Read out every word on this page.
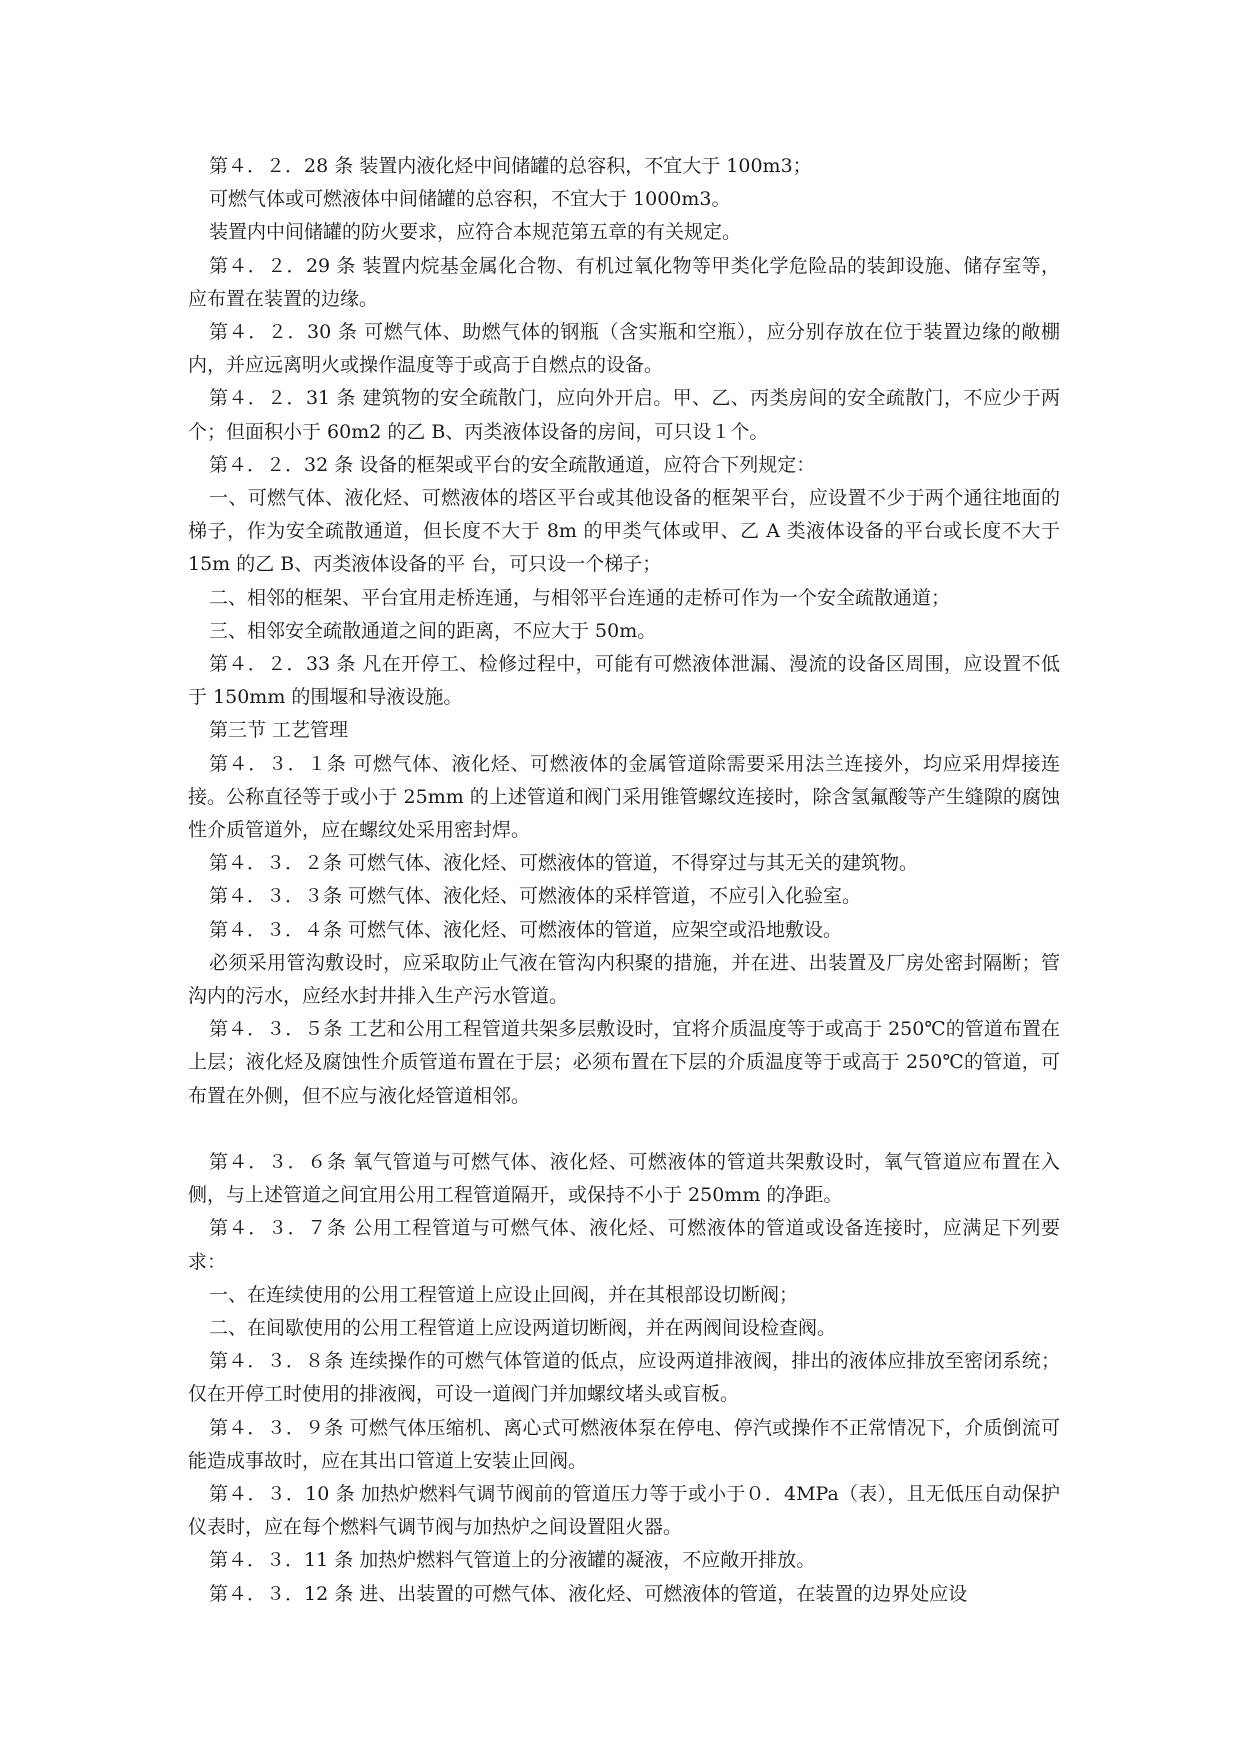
第４．２．28 条 装置内液化烃中间储罐的总容积，不宜大于 100m3；

可燃气体或可燃液体中间储罐的总容积，不宜大于 1000m3。

装置内中间储罐的防火要求，应符合本规范第五章的有关规定。

第４．２．29 条 装置内烷基金属化合物、有机过氧化物等甲类化学危险品的装卸设施、储存室等，应布置在装置的边缘。

第４．２．30 条 可燃气体、助燃气体的钢瓶（含实瓶和空瓶），应分别存放在位于装置边缘的敞棚内，并应远离明火或操作温度等于或高于自燃点的设备。

第４．２．31 条 建筑物的安全疏散门，应向外开启。甲、乙、丙类房间的安全疏散门，不应少于两个；但面积小于 60m2 的乙 B、丙类液体设备的房间，可只设１个。

第４．２．32 条 设备的框架或平台的安全疏散通道，应符合下列规定：

一、可燃气体、液化烃、可燃液体的塔区平台或其他设备的框架平台，应设置不少于两个通往地面的梯子，作为安全疏散通道，但长度不大于 8m 的甲类气体或甲、乙 A 类液体设备的平台或长度不大于 15m 的乙 B、丙类液体设备的平 台，可只设一个梯子；

二、相邻的框架、平台宜用走桥连通，与相邻平台连通的走桥可作为一个安全疏散通道；

三、相邻安全疏散通道之间的距离，不应大于 50m。

第４．２．33 条 凡在开停工、检修过程中，可能有可燃液体泄漏、漫流的设备区周围，应设置不低于 150mm 的围堰和导液设施。

第三节 工艺管理

第４．３．１条 可燃气体、液化烃、可燃液体的金属管道除需要采用法兰连接外，均应采用焊接连 接。公称直径等于或小于 25mm 的上述管道和阀门采用锥管螺纹连接时，除含氢氟酸等产生缝隙的腐蚀性介质管道外，应在螺纹处采用密封焊。

第４．３．２条 可燃气体、液化烃、可燃液体的管道，不得穿过与其无关的建筑物。

第４．３．３条 可燃气体、液化烃、可燃液体的采样管道，不应引入化验室。

第４．３．４条 可燃气体、液化烃、可燃液体的管道，应架空或沿地敷设。

必须采用管沟敷设时，应采取防止气液在管沟内积聚的措施，并在进、出装置及厂房处密封隔断；管沟内的污水，应经水封井排入生产污水管道。

第４．３．５条 工艺和公用工程管道共架多层敷设时，宜将介质温度等于或高于 250℃的管道布置在上层；液化烃及腐蚀性介质管道布置在于层；必须布置在下层的介质温度等于或高于 250℃的管道，可布置在外侧，但不应与液化烃管道相邻。

第４．３．６条 氧气管道与可燃气体、液化烃、可燃液体的管道共架敷设时，氧气管道应布置在入侧，与上述管道之间宜用公用工程管道隔开，或保持不小于 250mm 的净距。

第４．３．７条 公用工程管道与可燃气体、液化烃、可燃液体的管道或设备连接时，应满足下列要求：

一、在连续使用的公用工程管道上应设止回阀，并在其根部设切断阀；

二、在间歇使用的公用工程管道上应设两道切断阀，并在两阀间设检查阀。

第４．３．８条 连续操作的可燃气体管道的低点，应设两道排液阀，排出的液体应排放至密闭系统；仅在开停工时使用的排液阀，可设一道阀门并加螺纹堵头或盲板。

第４．３．９条 可燃气体压缩机、离心式可燃液体泵在停电、停汽或操作不正常情况下，介质倒流可能造成事故时，应在其出口管道上安装止回阀。

第４．３．10 条 加热炉燃料气调节阀前的管道压力等于或小于０．4MPa（表），且无低压自动保护仪表时，应在每个燃料气调节阀与加热炉之间设置阻火器。

第４．３．11 条 加热炉燃料气管道上的分液罐的凝液，不应敞开排放。

第４．３．12 条 进、出装置的可燃气体、液化烃、可燃液体的管道，在装置的边界处应设
